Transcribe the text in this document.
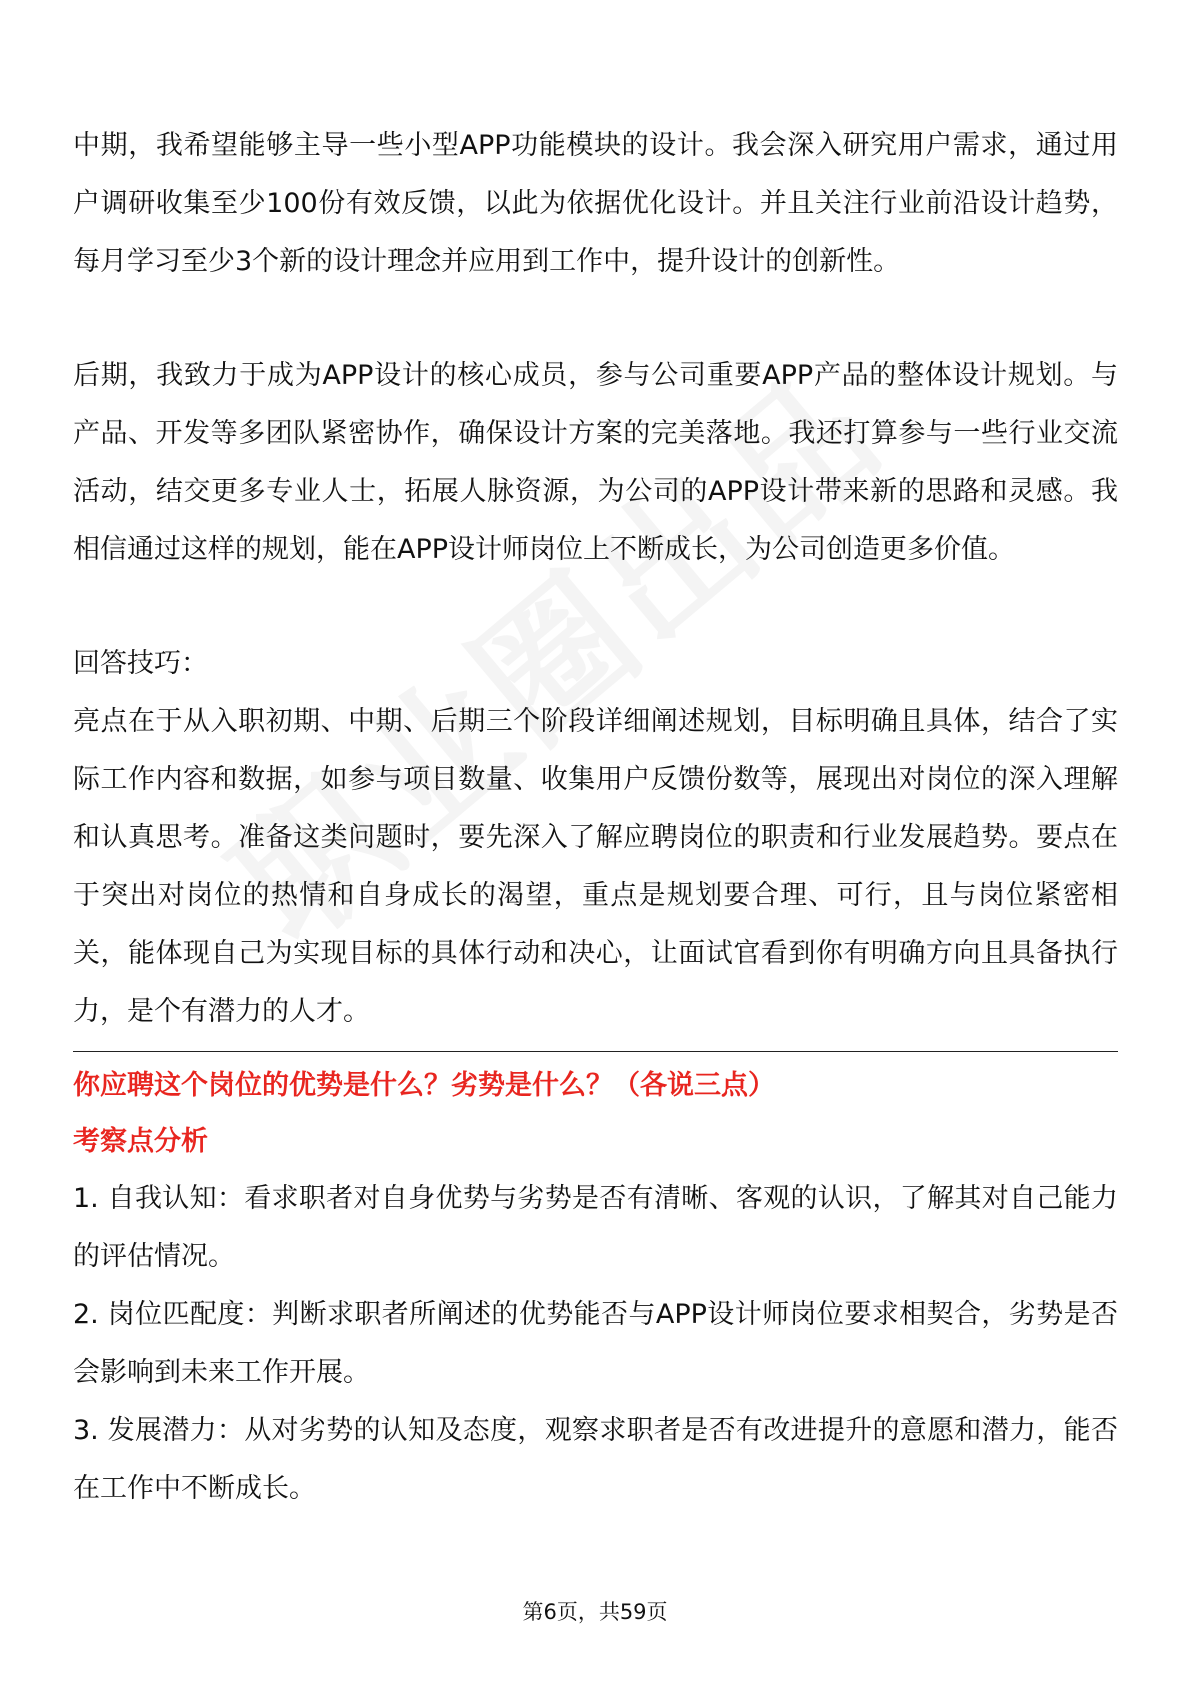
中期，我希望能够主导一些小型APP功能模块的设计。我会深入研究用户需求，通过用户调研收集至少100份有效反馈，以此为依据优化设计。并且关注行业前沿设计趋势，每月学习至少3个新的设计理念并应用到工作中，提升设计的创新性。

后期，我致力于成为APP设计的核心成员，参与公司重要APP产品的整体设计规划。与产品、开发等多团队紧密协作，确保设计方案的完美落地。我还打算参与一些行业交流活动，结交更多专业人士，拓展人脉资源，为公司的APP设计带来新的思路和灵感。我相信通过这样的规划，能在APP设计师岗位上不断成长，为公司创造更多价值。

回答技巧：

亮点在于从入职初期、中期、后期三个阶段详细阐述规划，目标明确且具体，结合了实际工作内容和数据，如参与项目数量、收集用户反馈份数等，展现出对岗位的深入理解和认真思考。准备这类问题时，要先深入了解应聘岗位的职责和行业发展趋势。要点在于突出对岗位的热情和自身成长的渴望，重点是规划要合理、可行，且与岗位紧密相关，能体现自己为实现目标的具体行动和决心，让面试官看到你有明确方向且具备执行力，是个有潜力的人才。

你应聘这个岗位的优势是什么？劣势是什么？（各说三点）

考察点分析

1. 自我认知：看求职者对自身优势与劣势是否有清晰、客观的认识，了解其对自己能力的评估情况。

2. 岗位匹配度：判断求职者所阐述的优势能否与APP设计师岗位要求相契合，劣势是否会影响到未来工作开展。

3. 发展潜力：从对劣势的认知及态度，观察求职者是否有改进提升的意愿和潜力，能否在工作中不断成长。

第6页，共59页
